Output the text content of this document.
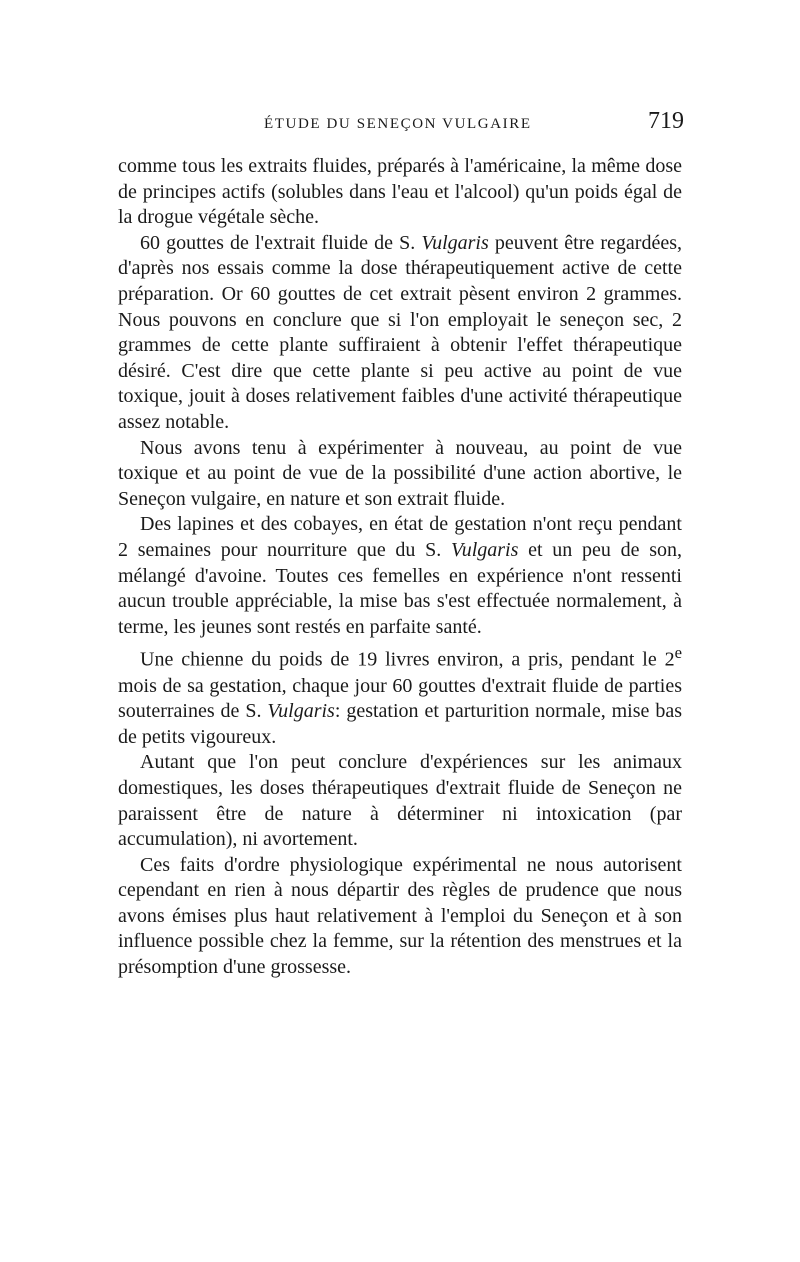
ÉTUDE DU SENEÇON VULGAIRE	719

comme tous les extraits fluides, préparés à l'américaine, la même dose de principes actifs (solubles dans l'eau et l'alcool) qu'un poids égal de la drogue végétale sèche.

60 gouttes de l'extrait fluide de S. Vulgaris peuvent être regardées, d'après nos essais comme la dose thérapeutiquement active de cette préparation. Or 60 gouttes de cet extrait pèsent environ 2 grammes. Nous pouvons en conclure que si l'on employait le seneçon sec, 2 grammes de cette plante suffiraient à obtenir l'effet thérapeutique désiré. C'est dire que cette plante si peu active au point de vue toxique, jouit à doses relativement faibles d'une activité thérapeutique assez notable.

Nous avons tenu à expérimenter à nouveau, au point de vue toxique et au point de vue de la possibilité d'une action abortive, le Seneçon vulgaire, en nature et son extrait fluide.

Des lapines et des cobayes, en état de gestation n'ont reçu pendant 2 semaines pour nourriture que du S. Vulgaris et un peu de son, mélangé d'avoine. Toutes ces femelles en expérience n'ont ressenti aucun trouble appréciable, la mise bas s'est effectuée normalement, à terme, les jeunes sont restés en parfaite santé.

Une chienne du poids de 19 livres environ, a pris, pendant le 2e mois de sa gestation, chaque jour 60 gouttes d'extrait fluide de parties souterraines de S. Vulgaris: gestation et parturition normale, mise bas de petits vigoureux.

Autant que l'on peut conclure d'expériences sur les animaux domestiques, les doses thérapeutiques d'extrait fluide de Seneçon ne paraissent être de nature à déterminer ni intoxication (par accumulation), ni avortement.

Ces faits d'ordre physiologique expérimental ne nous autorisent cependant en rien à nous départir des règles de prudence que nous avons émises plus haut relativement à l'emploi du Seneçon et à son influence possible chez la femme, sur la rétention des menstrues et la présomption d'une grossesse.
